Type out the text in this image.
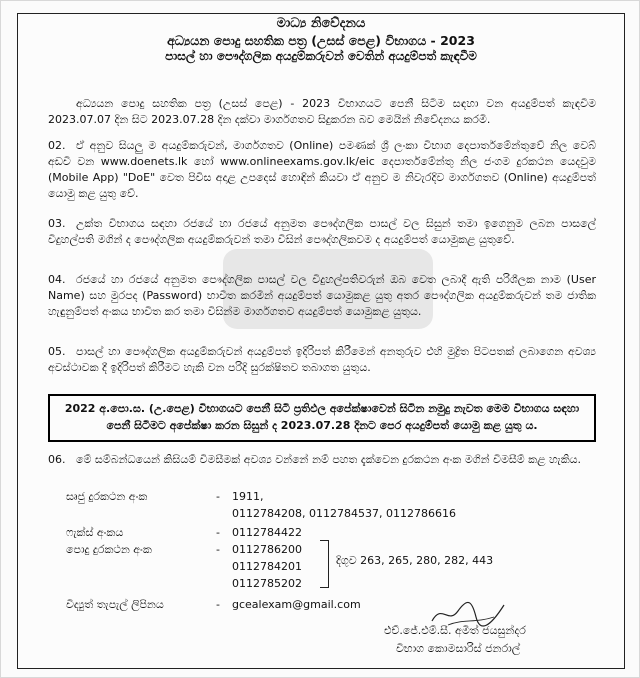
මාධ්‍ය නිවේදනය
අධ්‍යයන පොදු සහතික පත්‍ර (උසස් පෙළ) විභාගය - 2023
පාසල් හා පෞද්ගලික අයදුම්කරුවන් වෙතින් අයදුම්පත් කැඳවීම
අධ්‍යයන පොදු සහතික පත්‍ර (උසස් පෙළ) - 2023 විභාගයට පෙනී සිටීම සඳහා වන අයදුම්පත් කැඳවීම 2023.07.07 දින සිට 2023.07.28 දින දක්වා මාර්ගගතව සිදුකරන බව මෙයින් නිවේදනය කරමි.
02. ඒ අනුව සියලු ම අයදුම්කරුවන්, මාර්ගගතව (Online) පමණක් ශ්‍රී ලංකා විභාග දෙපාර්තමේන්තුවේ නිල වෙබ් අඩවි වන www.doenets.lk හෝ www.onlineexams.gov.lk/eic දෙපාර්තමේන්තු නිල ජංගම දුරකථන යෙදවුම (Mobile App) "DoE" වෙත පිවිස අදාළ උපදෙස් හොඳින් කියවා ඒ අනුව ම නිවැරදිව මාර්ගගතව (Online) අයදුම්පත් යොමු කළ යුතු වේ.
03. උක්ත විභාගය සඳහා රජයේ හා රජයේ අනුමත පෞද්ගලික පාසල් වල සිසුන් තමා ඉගෙනුම ලබන පාසලේ විදුහල්පති මගින් ද පෞද්ගලික අයදුම්කරුවන් තමා විසින් පෞද්ගලිකවම ද අයදුම්පත් යොමුකළ යුතුවේ.
04. රජයේ හා රජයේ අනුමත පෞද්ගලික පාසල් වල විදුහල්පතිවරුන් ඔබ වෙත ලබාදී ඇති පරිශීලක නාම (User Name) සහ මුරපද (Password) භාවිත කරමින් අයදුම්පත් යොමුකළ යුතු අතර පෞද්ගලික අයදුම්කරුවන් තම ජාතික හැඳුනුම්පත් අංකය භාවිත කර තමා විසින්ම මාර්ගගතව අයදුම්පත් යොමුකළ යුතුය.
05. පාසල් හා පෞද්ගලික අයදුම්කරුවන් අයදුම්පත් ඉදිරිපත් කිරීමෙන් අනතුරුව එහි මුද්‍රිත පිටපතක් ලබාගෙන අවශ්‍ය අවස්ථාවක දී ඉදිරිපත් කිරීමට හැකි වන පරිදි සුරක්ෂිතව තබාගත යුතුය.
2022 අ.පො.ස. (උ.පෙළ) විභාගයට පෙනී සිටි ප්‍රතිඵල අපේක්ෂාවෙන් සිටින නමුදු නැවත මෙම විභාගය සඳහා පෙනී සිටීමට අපේක්ෂා කරන සිසුන් ද 2023.07.28 දිනට පෙර අයදුම්පත් යොමු කළ යුතු ය.
06. මේ සම්බන්ධයෙන් කිසියම් විමසීමක් අවශ්‍ය වන්නේ නම් පහත දැක්වෙන දුරකථන අංක මගින් විමසීම් කළ හැකිය.
සෘජු දුරකථන අංක	- 1911,
0112784208, 0112784537, 0112786616
ෆැක්ස් අංකය	- 0112784422
පොදු දුරකථන අංක	- 0112786200
0112784201
0112785202
දිගුව 263, 265, 280, 282, 443
විද්‍යුත් තැපැල් ලිපිනය	- gcealexam@gmail.com
එච්.ජේ.එම්.සී. අමිත් ජයසුන්දර
විභාග කොමසාරිස් ජනරාල්
